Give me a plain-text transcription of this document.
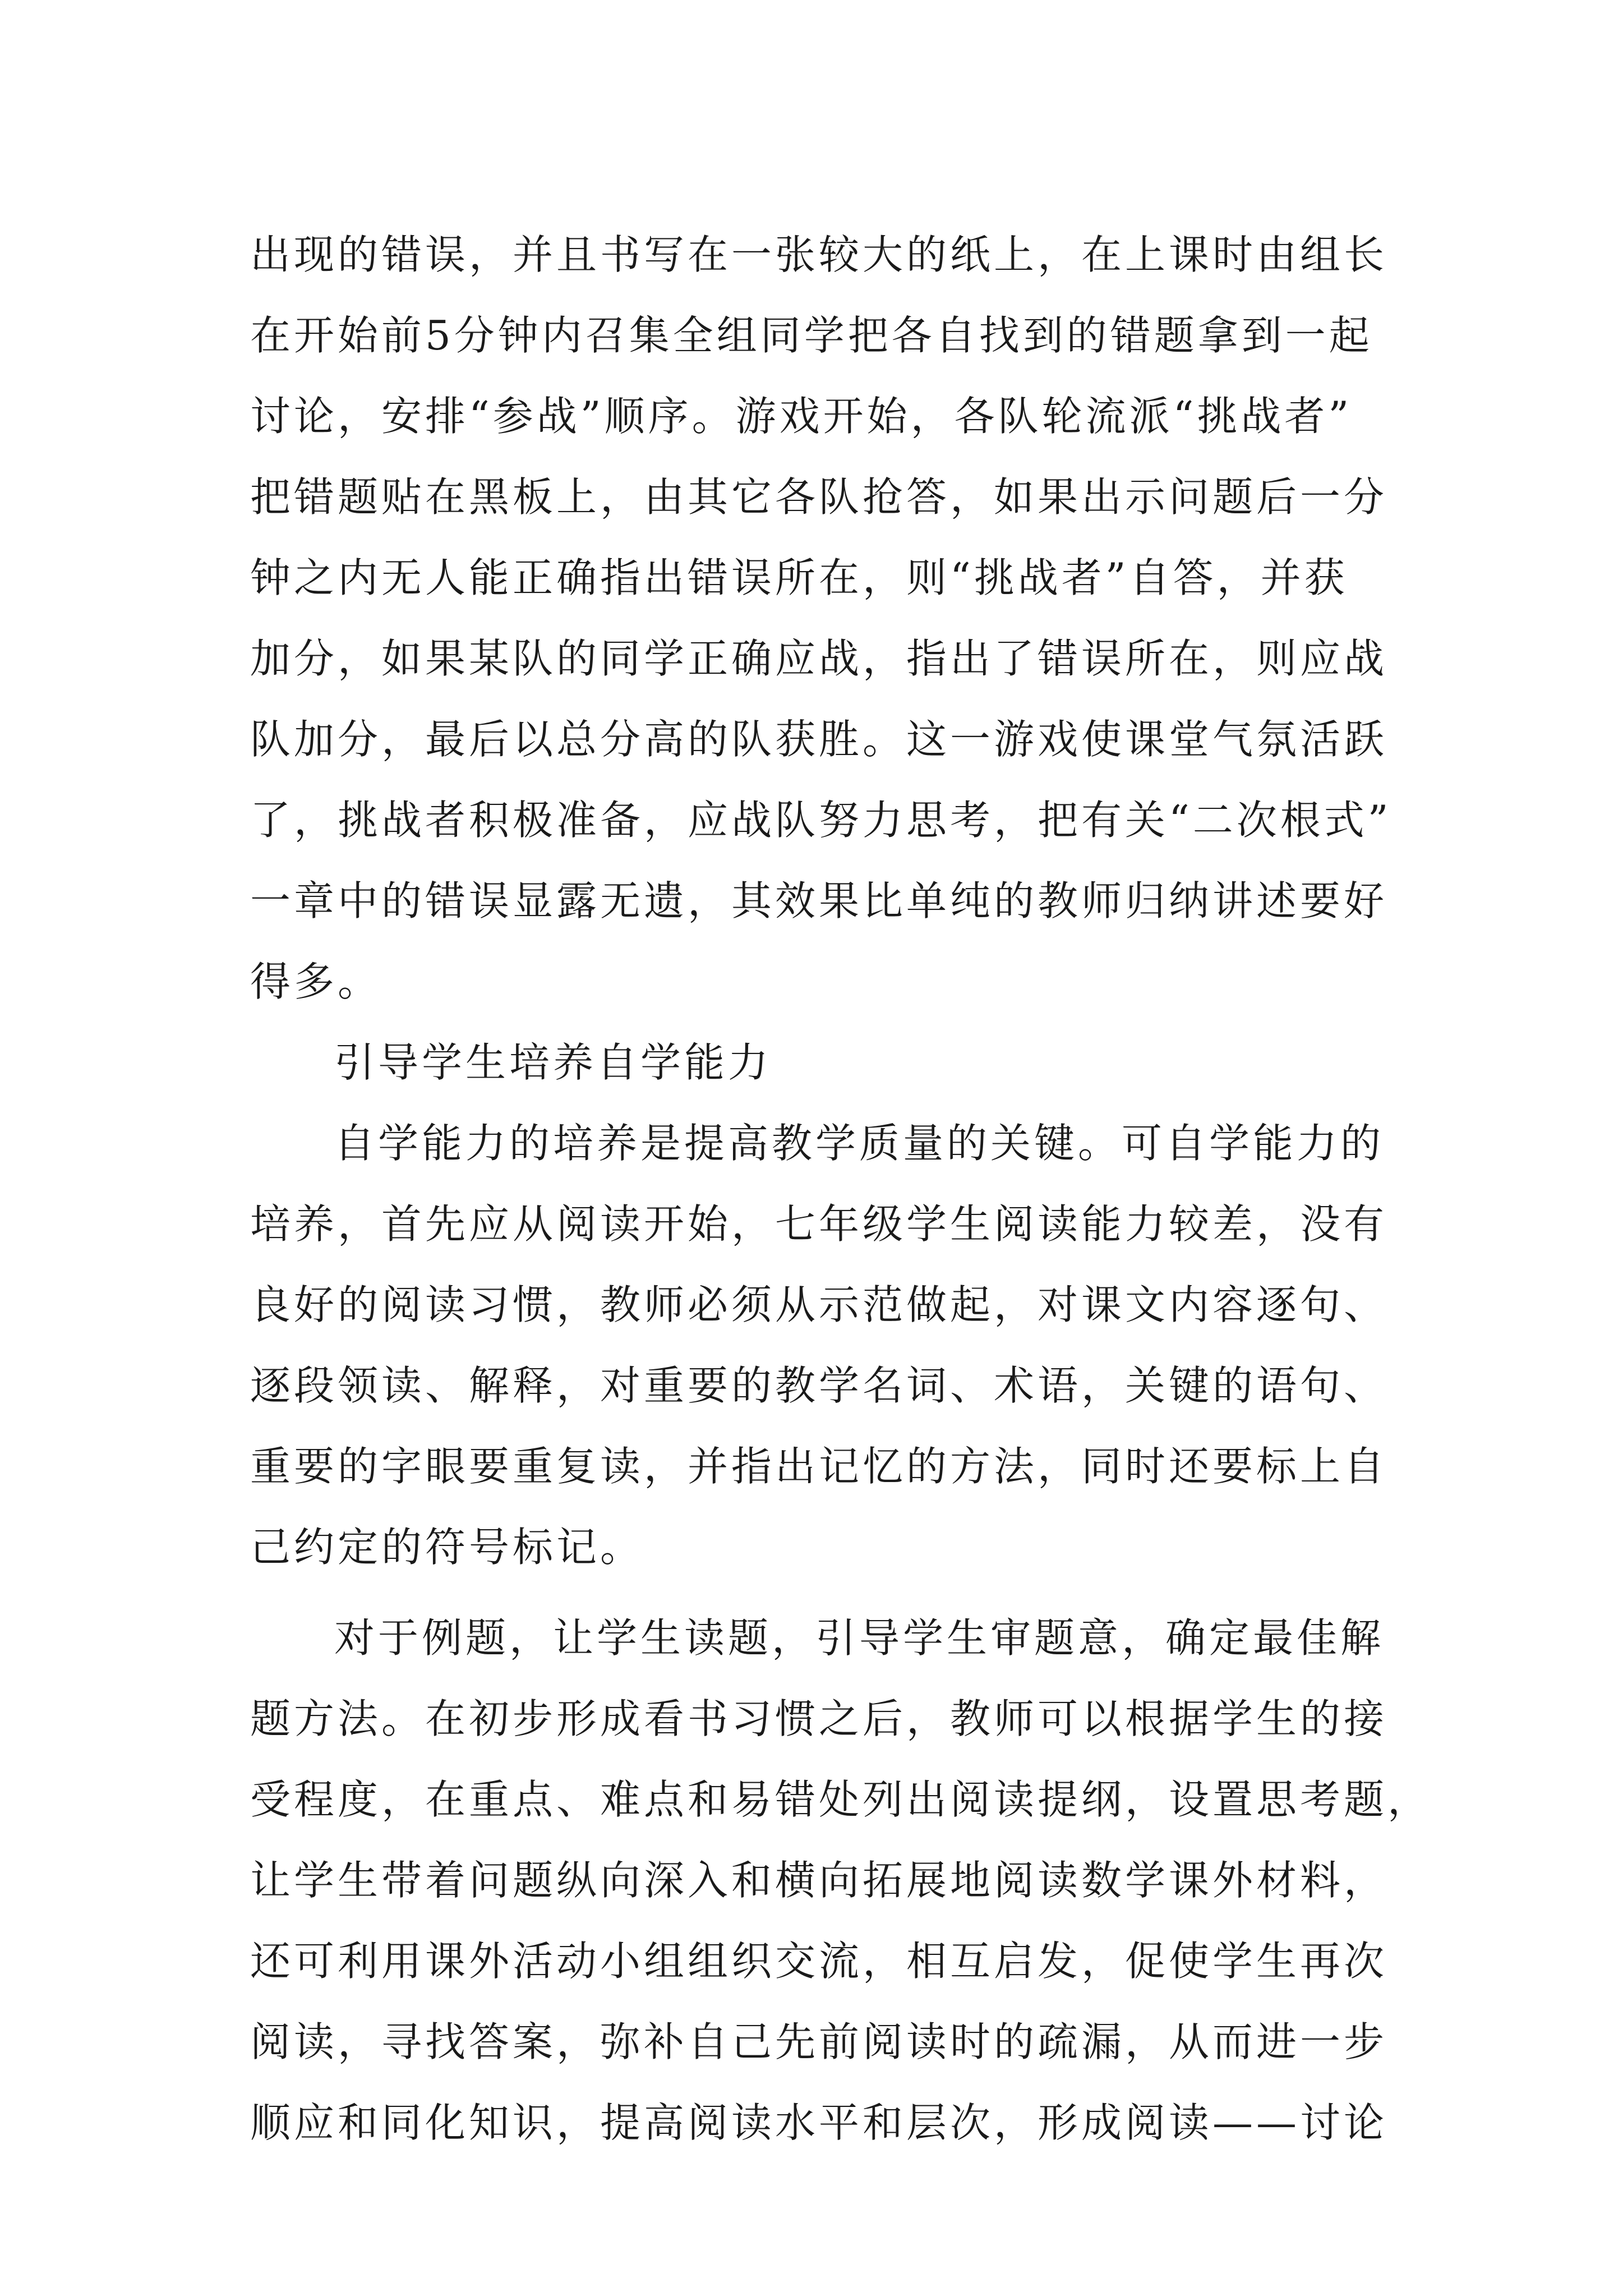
出现的错误，并且书写在一张较大的纸上，在上课时由组长
在开始前5分钟内召集全组同学把各自找到的错题拿到一起
讨论，安排“参战”顺序。游戏开始，各队轮流派“挑战者”
把错题贴在黑板上，由其它各队抢答，如果出示问题后一分
钟之内无人能正确指出错误所在，则“挑战者”自答，并获
加分，如果某队的同学正确应战，指出了错误所在，则应战
队加分，最后以总分高的队获胜。这一游戏使课堂气氛活跃
了，挑战者积极准备，应战队努力思考，把有关“二次根式”
一章中的错误显露无遗，其效果比单纯的教师归纳讲述要好
得多。

引导学生培养自学能力

自学能力的培养是提高教学质量的关键。可自学能力的
培养，首先应从阅读开始，七年级学生阅读能力较差，没有
良好的阅读习惯，教师必须从示范做起，对课文内容逐句、
逐段领读、解释，对重要的教学名词、术语，关键的语句、
重要的字眼要重复读，并指出记忆的方法，同时还要标上自
己约定的符号标记。

对于例题，让学生读题，引导学生审题意，确定最佳解
题方法。在初步形成看书习惯之后，教师可以根据学生的接
受程度，在重点、难点和易错处列出阅读提纲，设置思考题，
让学生带着问题纵向深入和横向拓展地阅读数学课外材料，
还可利用课外活动小组组织交流，相互启发，促使学生再次
阅读，寻找答案，弥补自己先前阅读时的疏漏，从而进一步
顺应和同化知识，提高阅读水平和层次，形成阅读——讨论
